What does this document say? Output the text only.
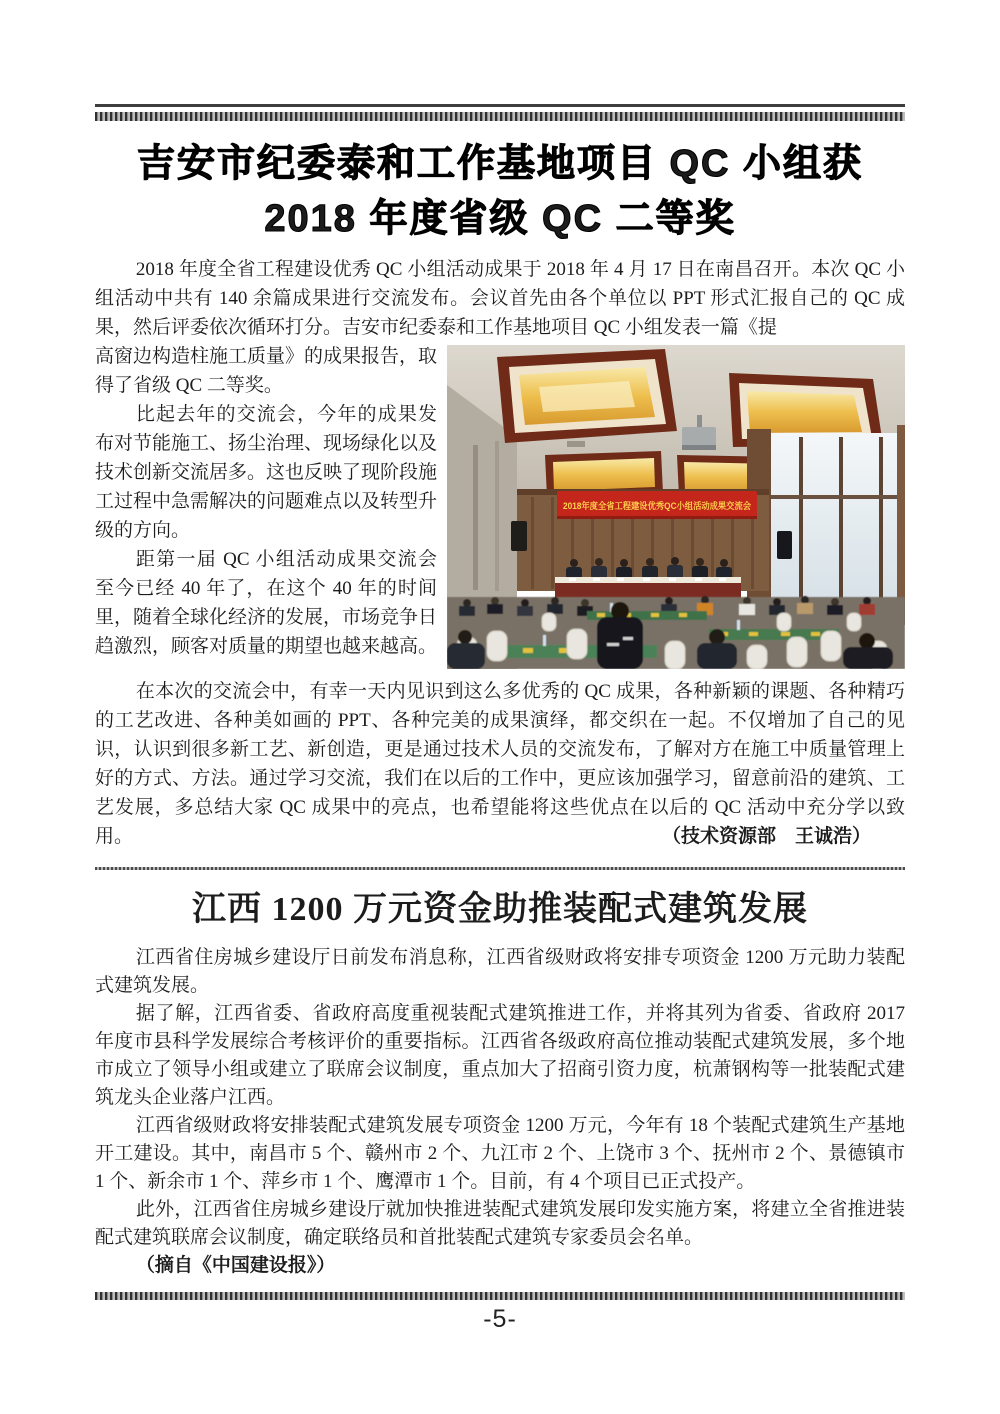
吉安市纪委泰和工作基地项目 QC 小组获
2018 年度省级 QC 二等奖

2018 年度全省工程建设优秀 QC 小组活动成果于 2018 年 4 月 17 日在南昌召开。本次 QC 小组活动中共有 140 余篇成果进行交流发布。会议首先由各个单位以 PPT 形式汇报自己的 QC 成果，然后评委依次循环打分。吉安市纪委泰和工作基地项目 QC 小组发表一篇《提

2018年度全省工程建设优秀QC小组活动成果交流会

高窗边构造柱施工质量》的成果报告，取得了省级 QC 二等奖。

比起去年的交流会，今年的成果发布对节能施工、扬尘治理、现场绿化以及技术创新交流居多。这也反映了现阶段施工过程中急需解决的问题难点以及转型升级的方向。

距第一届 QC 小组活动成果交流会至今已经 40 年了，在这个 40 年的时间里，随着全球化经济的发展，市场竞争日趋激烈，顾客对质量的期望也越来越高。

在本次的交流会中，有幸一天内见识到这么多优秀的 QC 成果，各种新颖的课题、各种精巧的工艺改进、各种美如画的 PPT、各种完美的成果演绎，都交织在一起。不仅增加了自己的见识，认识到很多新工艺、新创造，更是通过技术人员的交流发布，了解对方在施工中质量管理上好的方式、方法。通过学习交流，我们在以后的工作中，更应该加强学习，留意前沿的建筑、工艺发展，多总结大家 QC 成果中的亮点，也希望能将这些优点在以后的 QC 活动中充分学以致用。	（技术资源部　王诚浩）
江西 1200 万元资金助推装配式建筑发展

江西省住房城乡建设厅日前发布消息称，江西省级财政将安排专项资金 1200 万元助力装配式建筑发展。

据了解，江西省委、省政府高度重视装配式建筑推进工作，并将其列为省委、省政府 2017 年度市县科学发展综合考核评价的重要指标。江西省各级政府高位推动装配式建筑发展，多个地市成立了领导小组或建立了联席会议制度，重点加大了招商引资力度，杭萧钢构等一批装配式建筑龙头企业落户江西。

江西省级财政将安排装配式建筑发展专项资金 1200 万元，今年有 18 个装配式建筑生产基地开工建设。其中，南昌市 5 个、赣州市 2 个、九江市 2 个、上饶市 3 个、抚州市 2 个、景德镇市 1 个、新余市 1 个、萍乡市 1 个、鹰潭市 1 个。目前，有 4 个项目已正式投产。

此外，江西省住房城乡建设厅就加快推进装配式建筑发展印发实施方案，将建立全省推进装配式建筑联席会议制度，确定联络员和首批装配式建筑专家委员会名单。

（摘自《中国建设报》）

-5-
